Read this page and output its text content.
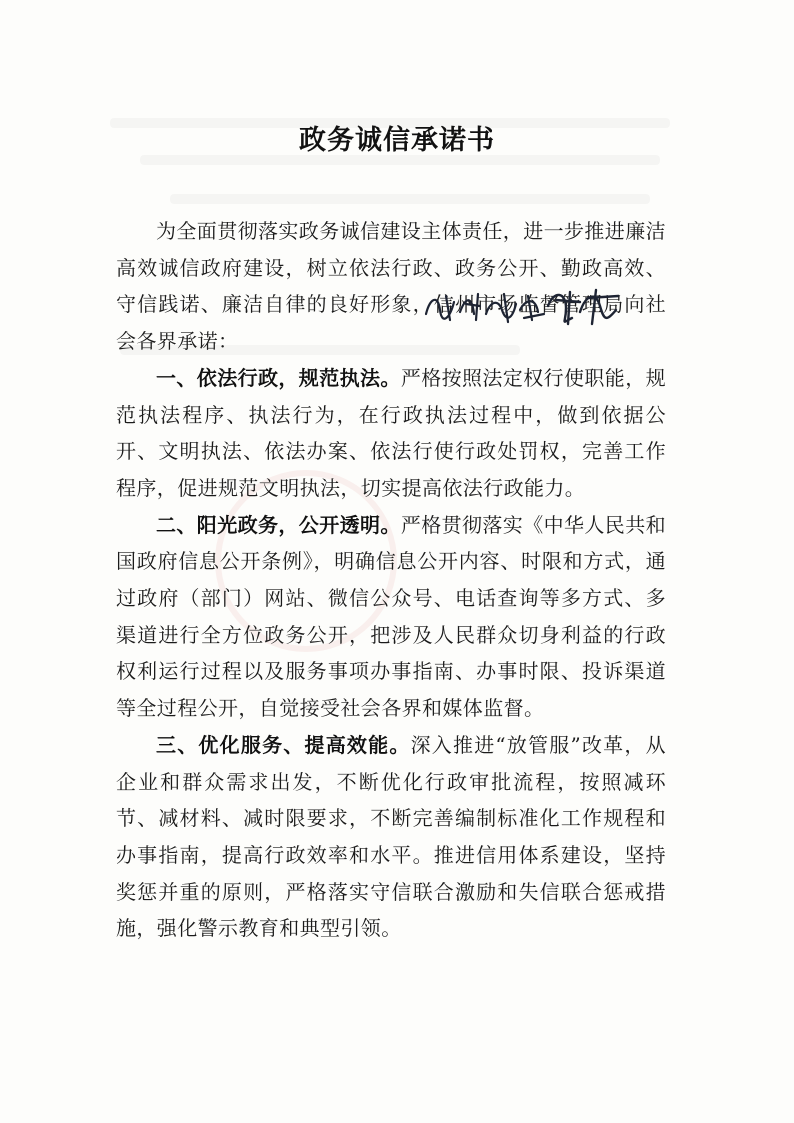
政务诚信承诺书

为全面贯彻落实政务诚信建设主体责任，进一步推进廉洁高效诚信政府建设，树立依法行政、政务公开、勤政高效、守信践诺、廉洁自律的良好形象，信州市场监督管理局向社会各界承诺：

一、依法行政，规范执法。严格按照法定权行使职能，规范执法程序、执法行为，在行政执法过程中，做到依据公开、文明执法、依法办案、依法行使行政处罚权，完善工作程序，促进规范文明执法，切实提高依法行政能力。

二、阳光政务，公开透明。严格贯彻落实《中华人民共和国政府信息公开条例》，明确信息公开内容、时限和方式，通过政府（部门）网站、微信公众号、电话查询等多方式、多渠道进行全方位政务公开，把涉及人民群众切身利益的行政权利运行过程以及服务事项办事指南、办事时限、投诉渠道等全过程公开，自觉接受社会各界和媒体监督。

三、优化服务、提高效能。深入推进“放管服”改革，从企业和群众需求出发，不断优化行政审批流程，按照减环节、减材料、减时限要求，不断完善编制标准化工作规程和办事指南，提高行政效率和水平。推进信用体系建设，坚持奖惩并重的原则，严格落实守信联合激励和失信联合惩戒措施，强化警示教育和典型引领。
